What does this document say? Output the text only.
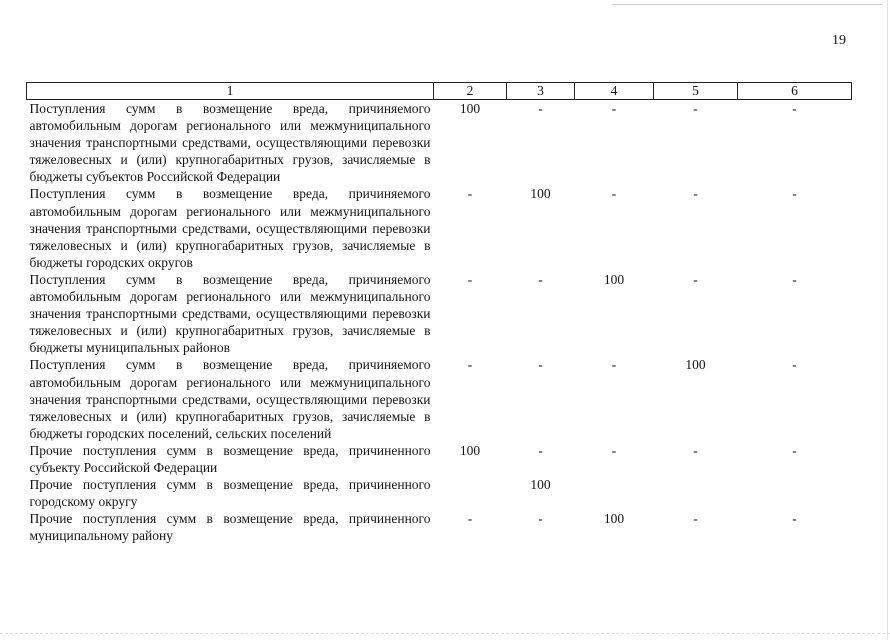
19
1	2	3	4	5	6
Поступления сумм в возмещение вреда, причиняемого автомобильным дорогам регионального или межмуниципального значения транспортными средствами, осуществляющими перевозки тяжеловесных и (или) крупногабаритных грузов, зачисляемые в бюджеты субъектов Российской Федерации	100	-	-	-	-
Поступления сумм в возмещение вреда, причиняемого автомобильным дорогам регионального или межмуниципального значения транспортными средствами, осуществляющими перевозки тяжеловесных и (или) крупногабаритных грузов, зачисляемые в бюджеты городских округов	-	100	-	-	-
Поступления сумм в возмещение вреда, причиняемого автомобильным дорогам регионального или межмуниципального значения транспортными средствами, осуществляющими перевозки тяжеловесных и (или) крупногабаритных грузов, зачисляемые в бюджеты муниципальных районов	-	-	100	-	-
Поступления сумм в возмещение вреда, причиняемого автомобильным дорогам регионального или межмуниципального значения транспортными средствами, осуществляющими перевозки тяжеловесных и (или) крупногабаритных грузов, зачисляемые в бюджеты городских поселений, сельских поселений	-	-	-	100	-
Прочие поступления сумм в возмещение вреда, причиненного субъекту Российской Федерации	100	-	-	-	-
Прочие поступления сумм в возмещение вреда, причиненного городскому округу		100			
Прочие поступления сумм в возмещение вреда, причиненного муниципальному району	-	-	100	-	-
